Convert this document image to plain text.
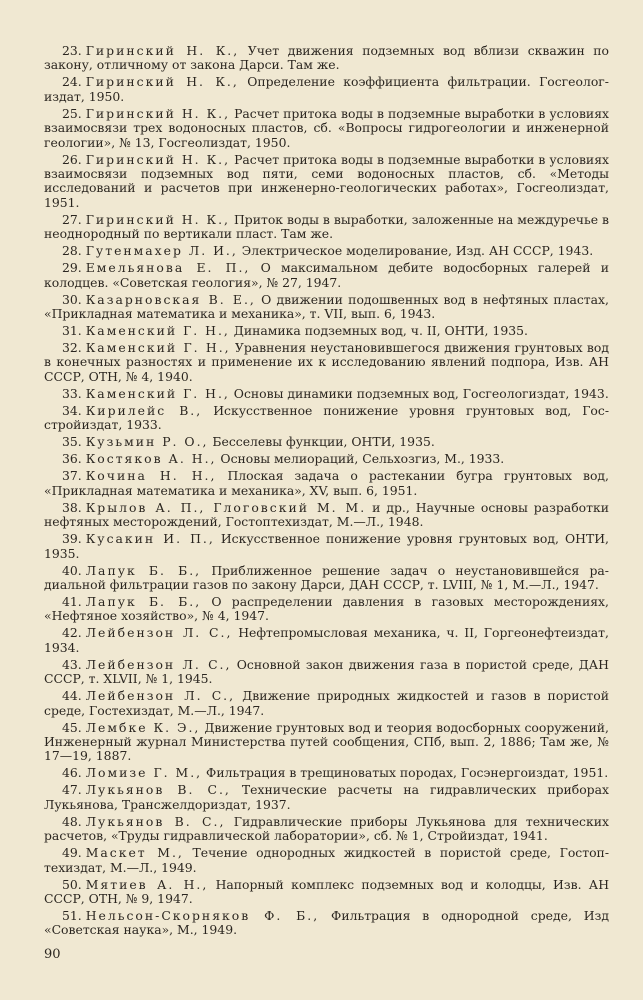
23. Гиринский Н. К., Учет движения подземных вод вблизи скважин по закону, отличному от закона Дарси. Там же.
24. Гиринский Н. К., Определение коэффициента фильтрации. Госгеологиздат, 1950.
25. Гиринский Н. К., Расчет притока воды в подземные выработки в условиях взаимосвязи трех водоносных пластов, сб. «Вопросы гидрогеологии и инженерной геологии», № 13, Госгеолиздат, 1950.
26. Гиринский Н. К., Расчет притока воды в подземные выработки в условиях взаимосвязи подземных вод пяти, семи водоносных пластов, сб. «Методы исследований и расчетов при инженерно-геологических работах», Госгеолиздат, 1951.
27. Гиринский Н. К., Приток воды в выработки, заложенные на междуречье в неоднородный по вертикали пласт. Там же.
28. Гутенмахер Л. И., Электрическое моделирование, Изд. АН СССР, 1943.
29. Емельянова Е. П., О максимальном дебите водосборных галерей и колодцев. «Советская геология», № 27, 1947.
30. Казарновская В. Е., О движении подошвенных вод в нефтяных пластах, «Прикладная математика и механика», т. VII, вып. 6, 1943.
31. Каменский Г. Н., Динамика подземных вод, ч. II, ОНТИ, 1935.
32. Каменский Г. Н., Уравнения неустановившегося движения грунтовых вод в конечных разностях и применение их к исследованию явлений подпора, Изв. АН СССР, ОТН, № 4, 1940.
33. Каменский Г. Н., Основы динамики подземных вод, Госгеологиздат, 1943.
34. Кирилейс В., Искусственное понижение уровня грунтовых вод, Госстройиздат, 1933.
35. Кузьмин Р. О., Бесселевы функции, ОНТИ, 1935.
36. Костяков А. Н., Основы мелиораций, Сельхозгиз, М., 1933.
37. Кочина Н. Н., Плоская задача о растекании бугра грунтовых вод, «Прикладная математика и механика», XV, вып. 6, 1951.
38. Крылов А. П., Глоговский М. М. и др., Научные основы разработки нефтяных месторождений, Гостоптехиздат, М.—Л., 1948.
39. Кусакин И. П., Искусственное понижение уровня грунтовых вод, ОНТИ, 1935.
40. Лапук Б. Б., Приближенное решение задач о неустановившейся радиальной фильтрации газов по закону Дарси, ДАН СССР, т. LVIII, № 1, М.—Л., 1947.
41. Лапук Б. Б., О распределении давления в газовых месторождениях, «Нефтяное хозяйство», № 4, 1947.
42. Лейбензон Л. С., Нефтепромысловая механика, ч. II, Горгеонефтеиздат, 1934.
43. Лейбензон Л. С., Основной закон движения газа в пористой среде, ДАН СССР, т. XLVII, № 1, 1945.
44. Лейбензон Л. С., Движение природных жидкостей и газов в пористой среде, Гостехиздат, М.—Л., 1947.
45. Лембке К. Э., Движение грунтовых вод и теория водосборных сооружений, Инженерный журнал Министерства путей сообщения, СПб, вып. 2, 1886; Там же, № 17—19, 1887.
46. Ломизе Г. М., Фильтрация в трещиноватых породах, Госэнергоиздат, 1951.
47. Лукьянов В. С., Технические расчеты на гидравлических приборах Лукьянова, Трансжелдориздат, 1937.
48. Лукьянов В. С., Гидравлические приборы Лукьянова для технических расчетов, «Труды гидравлической лаборатории», сб. № 1, Стройиздат, 1941.
49. Маскет М., Течение однородных жидкостей в пористой среде, Гостоптехиздат, М.—Л., 1949.
50. Мятиев А. Н., Напорный комплекс подземных вод и колодцы, Изв. АН СССР, ОТН, № 9, 1947.
51. Нельсон-Скорняков Ф. Б., Фильтрация в однородной среде, Изд «Советская наука», М., 1949.
90
